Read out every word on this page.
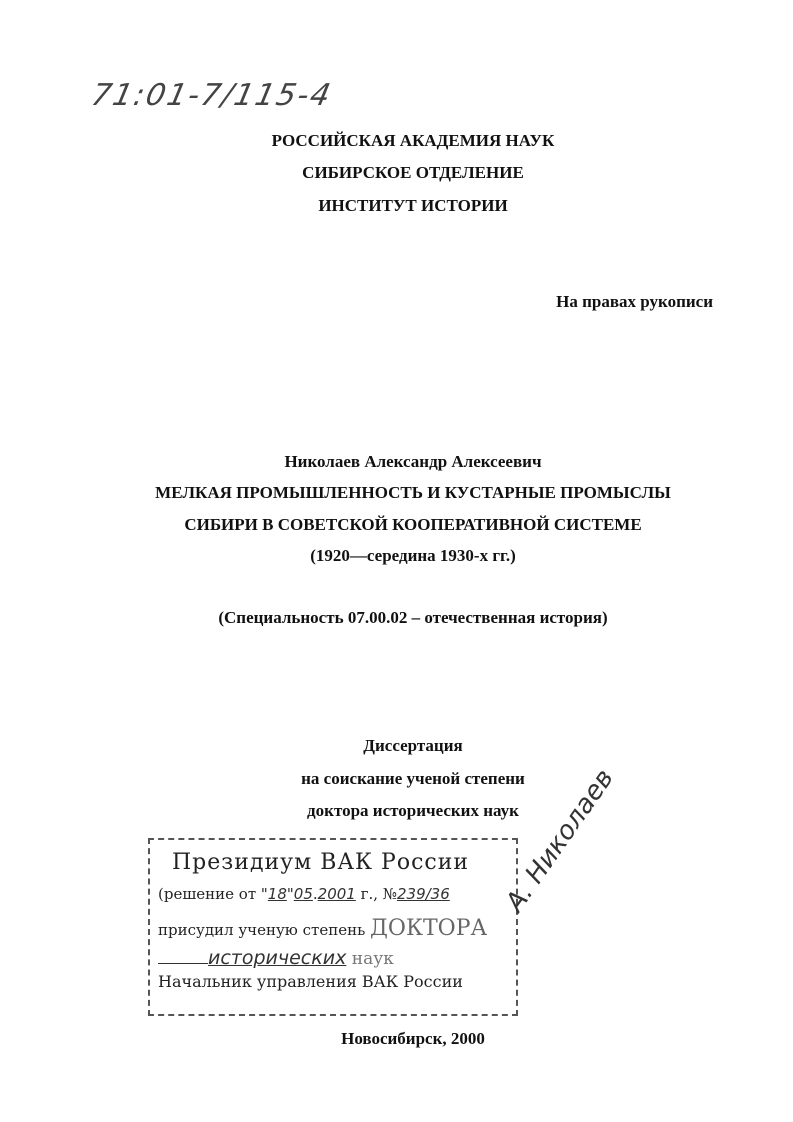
71:01-7/115-4
РОССИЙСКАЯ АКАДЕМИЯ НАУК
СИБИРСКОЕ ОТДЕЛЕНИЕ
ИНСТИТУТ ИСТОРИИ
На правах рукописи
Николаев Александр Алексеевич
МЕЛКАЯ ПРОМЫШЛЕННОСТЬ И КУСТАРНЫЕ ПРОМЫСЛЫ
СИБИРИ В СОВЕТСКОЙ КООПЕРАТИВНОЙ СИСТЕМЕ
(1920—середина 1930-х гг.)
(Специальность 07.00.02 – отечественная история)
Диссертация
на соискание ученой степени
доктора исторических наук
Президиум ВАК России
(решение от "18"05.2001 г., №239/36
присудил ученую степень ДОКТОРА
исторических наук
Начальник управления ВАК России
А. Николаев
Новосибирск, 2000
